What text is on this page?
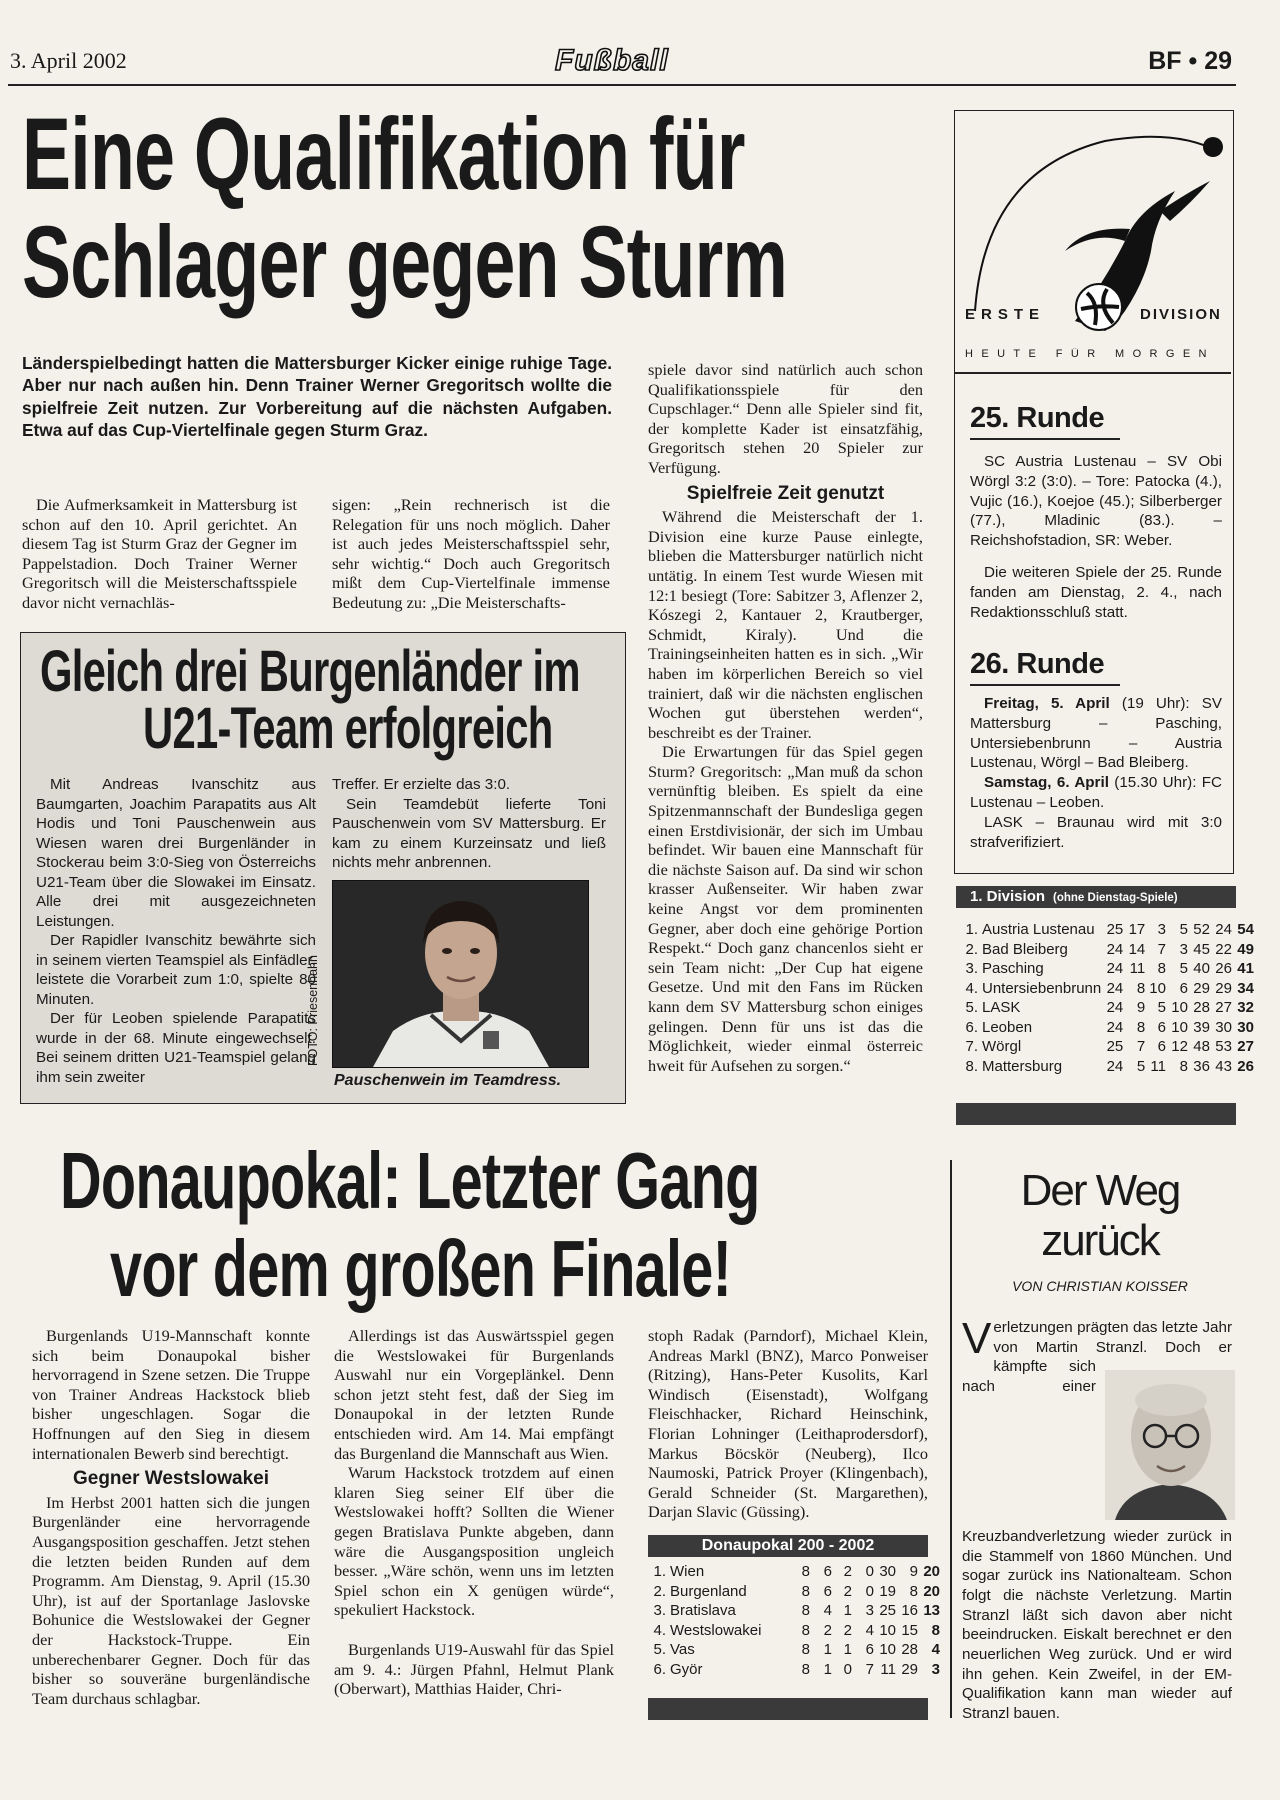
3. April 2002	Fußball	BF • 29
Eine Qualifikation für
Schlager gegen Sturm
Länderspielbedingt hatten die Mattersburger Kicker einige ruhige Tage. Aber nur nach außen hin. Denn Trainer Werner Gregoritsch wollte die spielfreie Zeit nutzen. Zur Vorbereitung auf die nächsten Aufgaben. Etwa auf das Cup-Viertelfinale gegen Sturm Graz.

Die Aufmerksamkeit in Mattersburg ist schon auf den 10. April gerichtet. An diesem Tag ist Sturm Graz der Gegner im Pappelstadion. Doch Trainer Werner Gregoritsch will die Meisterschaftsspiele davor nicht vernachläs-

sigen: „Rein rechnerisch ist die Relegation für uns noch möglich. Daher ist auch jedes Meisterschaftsspiel sehr, sehr wichtig.“ Doch auch Gregoritsch mißt dem Cup-Viertelfinale immense Bedeutung zu: „Die Meisterschafts-

spiele davor sind natürlich auch schon Qualifikationsspiele für den Cupschlager.“ Denn alle Spieler sind fit, der komplette Kader ist einsatzfähig, Gregoritsch stehen 20 Spieler zur Verfügung.

Spielfreie Zeit genutzt

Während die Meisterschaft der 1. Division eine kurze Pause einlegte, blieben die Mattersburger natürlich nicht untätig. In einem Test wurde Wiesen mit 12:1 besiegt (Tore: Sabitzer 3, Aflenzer 2, Kószegi 2, Kantauer 2, Krautberger, Schmidt, Kiraly). Und die Trainingseinheiten hatten es in sich. „Wir haben im körperlichen Bereich so viel trainiert, daß wir die nächsten englischen Wochen gut überstehen werden“, beschreibt es der Trainer.

Die Erwartungen für das Spiel gegen Sturm? Gregoritsch: „Man muß da schon vernünftig bleiben. Es spielt da eine Spitzenmannschaft der Bundesliga gegen einen Erstdivisionär, der sich im Umbau befindet. Wir bauen eine Mannschaft für die nächste Saison auf. Da sind wir schon krasser Außenseiter. Wir haben zwar keine Angst vor dem prominenten Gegner, aber doch eine gehörige Portion Respekt.“ Doch ganz chancenlos sieht er sein Team nicht: „Der Cup hat eigene Gesetze. Und mit den Fans im Rücken kann dem SV Mattersburg schon einiges gelingen. Denn für uns ist das die Möglichkeit, wieder einmal österreic hweit für Aufsehen zu sorgen.“

Gleich drei Burgenländer im
U21-Team erfolgreich

Mit Andreas Ivanschitz aus Baumgarten, Joachim Parapatits aus Alt Hodis und Toni Pauschenwein aus Wiesen waren drei Burgenländer in Stockerau beim 3:0-Sieg von Österreichs U21-Team über die Slowakei im Einsatz. Alle drei mit ausgezeichneten Leistungen.

Der Rapidler Ivanschitz bewährte sich in seinem vierten Teamspiel als Einfädler, leistete die Vorarbeit zum 1:0, spielte 80 Minuten.

Der für Leoben spielende Parapatits wurde in der 68. Minute eingewechselt. Bei seinem dritten U21-Teamspiel gelang ihm sein zweiter

Treffer. Er erzielte das 3:0.

Sein Teamdebüt lieferte Toni Pauschenwein vom SV Mattersburg. Er kam zu einem Kurzeinsatz und ließ nichts mehr anbrennen.

FOTO: Friesenhahn
Pauschenwein im Teamdress.
ERSTE	DIVISION
HEUTE FÜR MORGEN
25. Runde

SC Austria Lustenau – SV Obi Wörgl 3:2 (3:0). – Tore: Patocka (4.), Vujic (16.), Koejoe (45.); Silberberger (77.), Mladinic (83.). – Reichshofstadion, SR: Weber.

Die weiteren Spiele der 25. Runde fanden am Dienstag, 2. 4., nach Redaktionsschluß statt.

26. Runde

Freitag, 5. April (19 Uhr): SV Mattersburg – Pasching, Untersiebenbrunn – Austria Lustenau, Wörgl – Bad Bleiberg.

Samstag, 6. April (15.30 Uhr): FC Lustenau – Leoben.

LASK – Braunau wird mit 3:0 strafverifiziert.

1. Division (ohne Dienstag-Spiele)
1.	Austria Lustenau	25	17	3	5	52	24	54
2.	Bad Bleiberg	24	14	7	3	45	22	49
3.	Pasching	24	11	8	5	40	26	41
4.	Untersiebenbrunn	24	8	10	6	29	29	34
5.	LASK	24	9	5	10	28	27	32
6.	Leoben	24	8	6	10	39	30	30
7.	Wörgl	25	7	6	12	48	53	27
8.	Mattersburg	24	5	11	8	36	43	26
Donaupokal: Letzter Gang
vor dem großen Finale!

Burgenlands U19-Mannschaft konnte sich beim Donaupokal bisher hervorragend in Szene setzen. Die Truppe von Trainer Andreas Hackstock blieb bisher ungeschlagen. Sogar die Hoffnungen auf den Sieg in diesem internationalen Bewerb sind berechtigt.

Gegner Westslowakei

Im Herbst 2001 hatten sich die jungen Burgenländer eine hervorragende Ausgangsposition geschaffen. Jetzt stehen die letzten beiden Runden auf dem Programm. Am Dienstag, 9. April (15.30 Uhr), ist auf der Sportanlage Jaslovske Bohunice die Westslowakei der Gegner der Hackstock-Truppe. Ein unberechenbarer Gegner. Doch für das bisher so souveräne burgenländische Team durchaus schlagbar.

Allerdings ist das Auswärtsspiel gegen die Westslowakei für Burgenlands Auswahl nur ein Vorgeplänkel. Denn schon jetzt steht fest, daß der Sieg im Donaupokal in der letzten Runde entschieden wird. Am 14. Mai empfängt das Burgenland die Mannschaft aus Wien.

Warum Hackstock trotzdem auf einen klaren Sieg seiner Elf über die Westslowakei hofft? Sollten die Wiener gegen Bratislava Punkte abgeben, dann wäre die Ausgangsposition ungleich besser. „Wäre schön, wenn uns im letzten Spiel schon ein X genügen würde“, spekuliert Hackstock.

Burgenlands U19-Auswahl für das Spiel am 9. 4.: Jürgen Pfahnl, Helmut Plank (Oberwart), Matthias Haider, Chri-

stoph Radak (Parndorf), Michael Klein, Andreas Markl (BNZ), Marco Ponweiser (Ritzing), Hans-Peter Kusolits, Karl Windisch (Eisenstadt), Wolfgang Fleischhacker, Richard Heinschink, Florian Lohninger (Leithaprodersdorf), Markus Böcskör (Neuberg), Ilco Naumoski, Patrick Proyer (Klingenbach), Gerald Schneider (St. Margarethen), Darjan Slavic (Güssing).

Donaupokal 200 - 2002
1.	Wien	8	6	2	0	30	9	20
2.	Burgenland	8	6	2	0	19	8	20
3.	Bratislava	8	4	1	3	25	16	13
4.	Westslowakei	8	2	2	4	10	15	8
5.	Vas	8	1	1	6	10	28	4
6.	Györ	8	1	0	7	11	29	3
Der Weg
zurück
VON CHRISTIAN KOISSER
V erletzungen prägten das letzte Jahr von Martin Stranzl. Doch er kämpfte sich nach einer Kreuzbandverletzung wieder zurück in die Stammelf von 1860 München. Und sogar zurück ins Nationalteam. Schon folgt die nächste Verletzung. Martin Stranzl läßt sich davon aber nicht beeindrucken. Eiskalt berechnet er den neuerlichen Weg zurück. Und er wird ihn gehen. Kein Zweifel, in der EM-Qualifikation kann man wieder auf Stranzl bauen.
